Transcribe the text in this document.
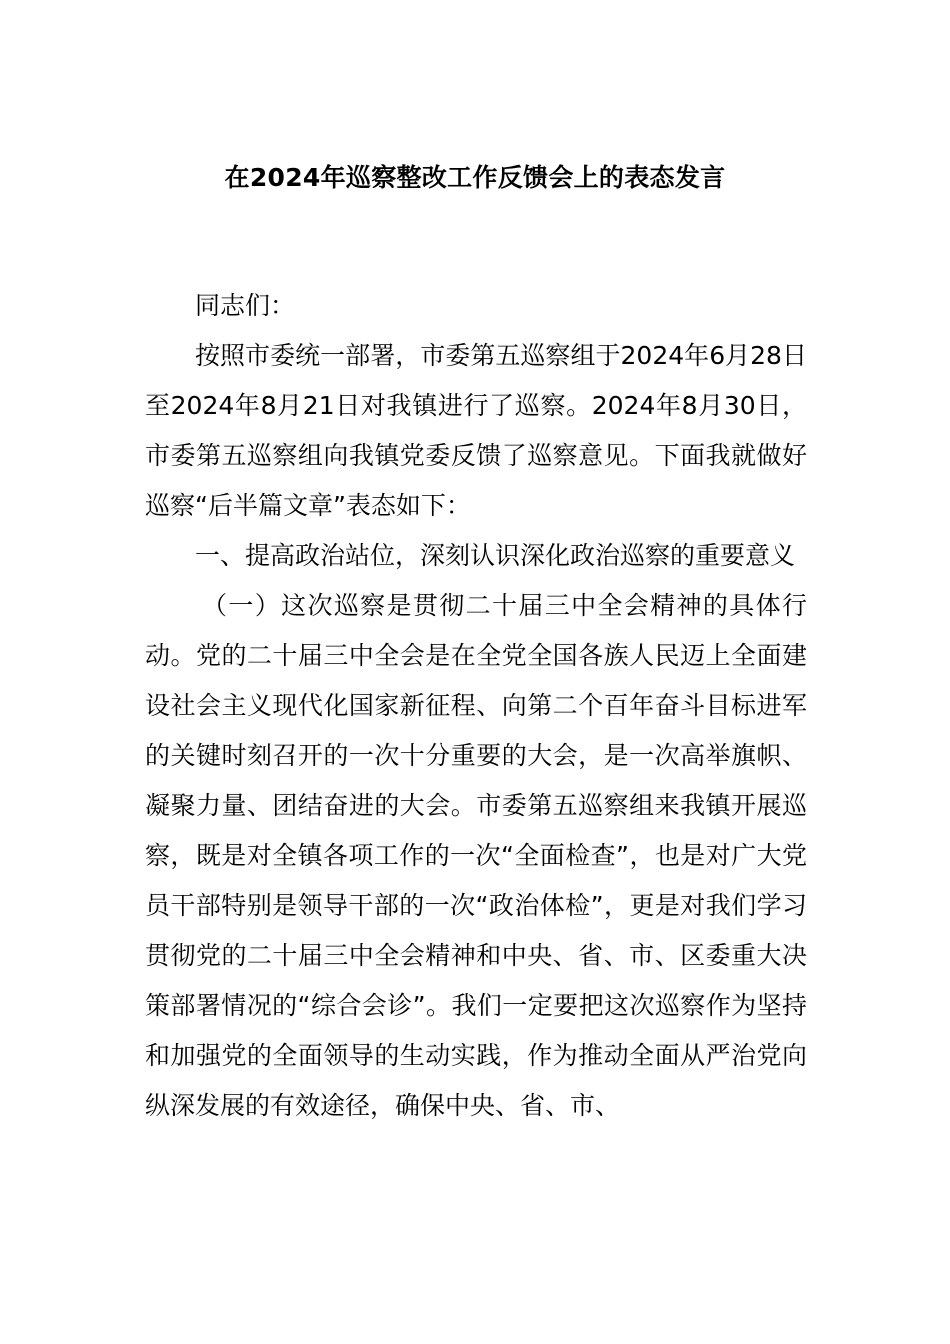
在2024年巡察整改工作反馈会上的表态发言

同志们：

按照市委统一部署，市委第五巡察组于2024年6月28日至2024年8月21日对我镇进行了巡察。2024年8月30日，市委第五巡察组向我镇党委反馈了巡察意见。下面我就做好巡察“后半篇文章”表态如下：

一、提高政治站位，深刻认识深化政治巡察的重要意义

（一）这次巡察是贯彻二十届三中全会精神的具体行动。党的二十届三中全会是在全党全国各族人民迈上全面建设社会主义现代化国家新征程、向第二个百年奋斗目标进军的关键时刻召开的一次十分重要的大会，是一次高举旗帜、凝聚力量、团结奋进的大会。市委第五巡察组来我镇开展巡察，既是对全镇各项工作的一次“全面检查”，也是对广大党员干部特别是领导干部的一次“政治体检”，更是对我们学习贯彻党的二十届三中全会精神和中央、省、市、区委重大决策部署情况的“综合会诊”。我们一定要把这次巡察作为坚持和加强党的全面领导的生动实践，作为推动全面从严治党向纵深发展的有效途径，确保中央、省、市、
